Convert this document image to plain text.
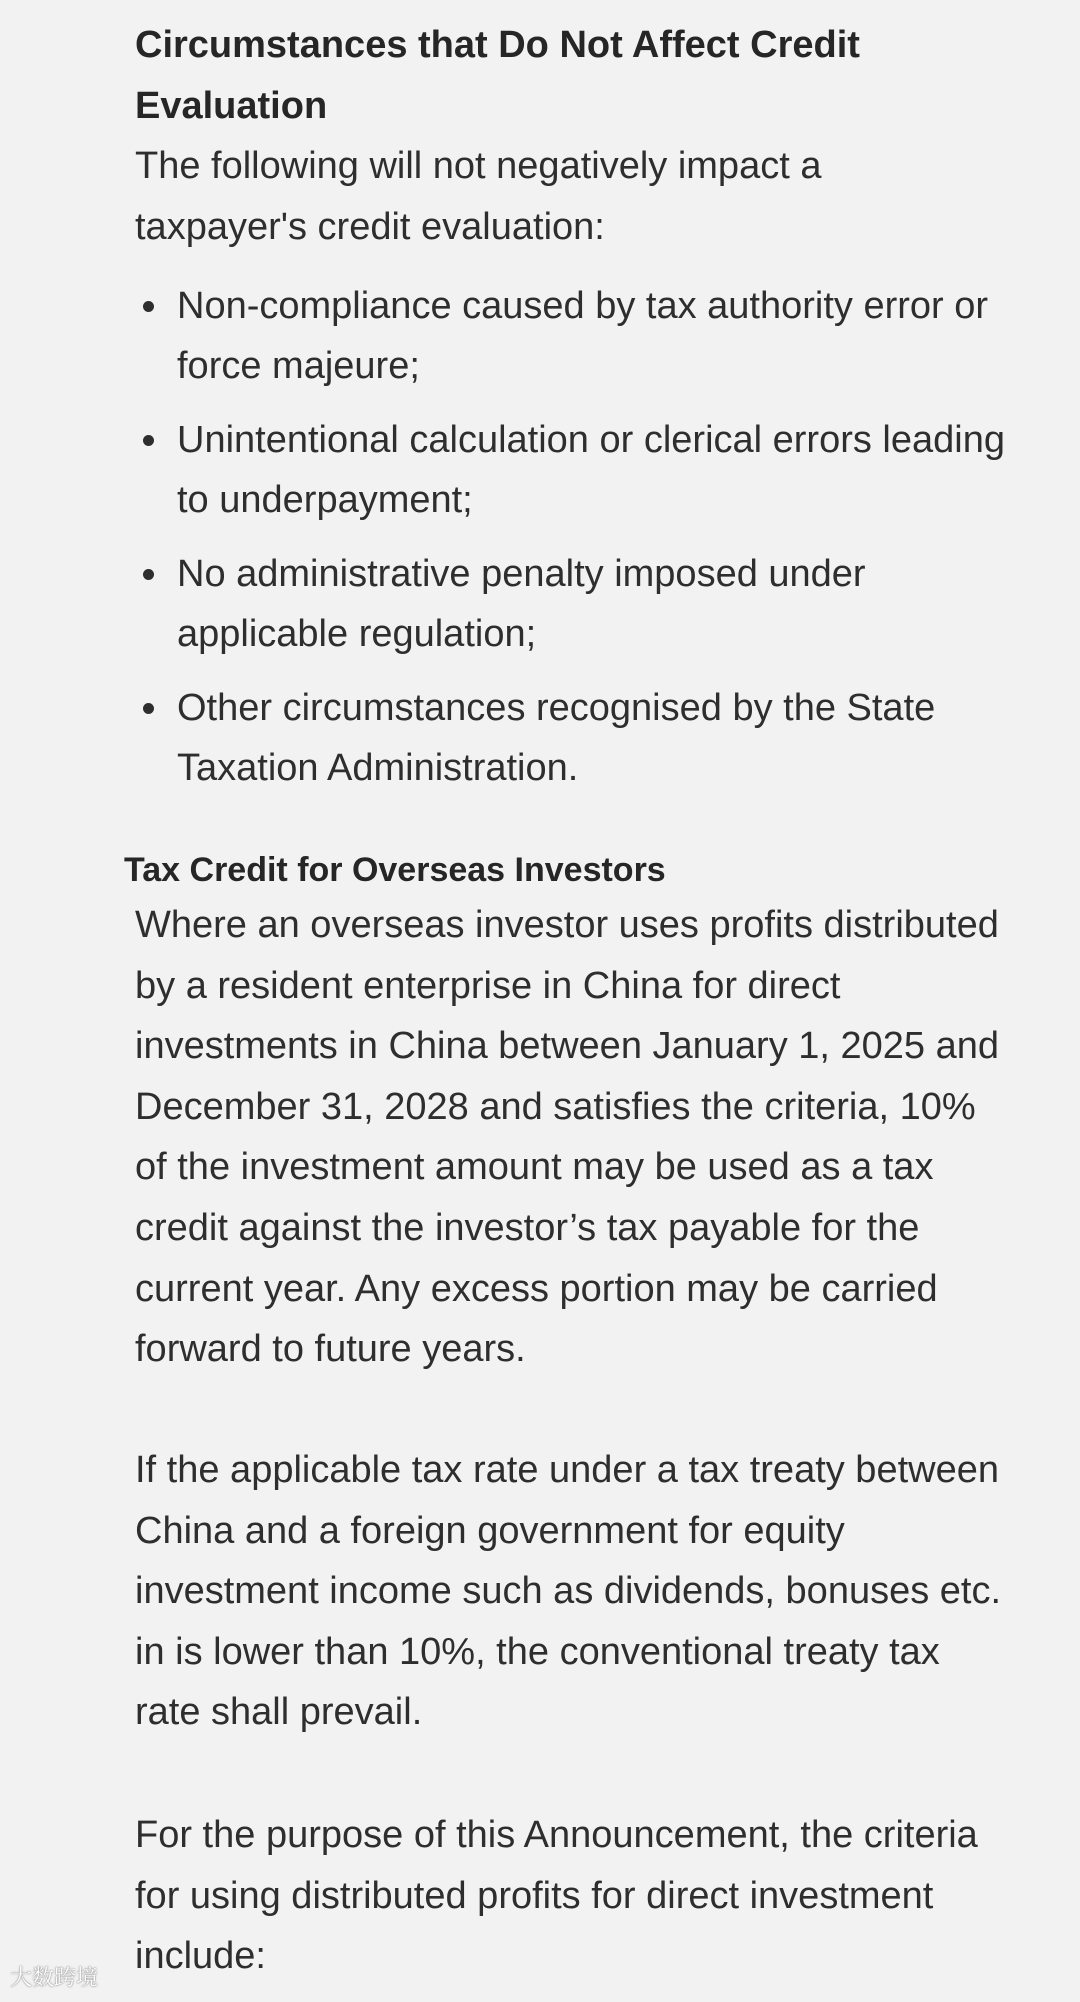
Circumstances that Do Not Affect Credit Evaluation

The following will not negatively impact a taxpayer's credit evaluation:

Non-compliance caused by tax authority error or force majeure;
Unintentional calculation or clerical errors leading to underpayment;
No administrative penalty imposed under applicable regulation;
Other circumstances recognised by the State Taxation Administration.
Tax Credit for Overseas Investors

Where an overseas investor uses profits distributed by a resident enterprise in China for direct investments in China between January 1, 2025 and December 31, 2028 and satisfies the criteria, 10% of the investment amount may be used as a tax credit against the investor’s tax payable for the current year. Any excess portion may be carried forward to future years.

If the applicable tax rate under a tax treaty between China and a foreign government for equity investment income such as dividends, bonuses etc. in is lower than 10%, the conventional treaty tax rate shall prevail.

For the purpose of this Announcement, the criteria for using distributed profits for direct investment include:

大数跨境
